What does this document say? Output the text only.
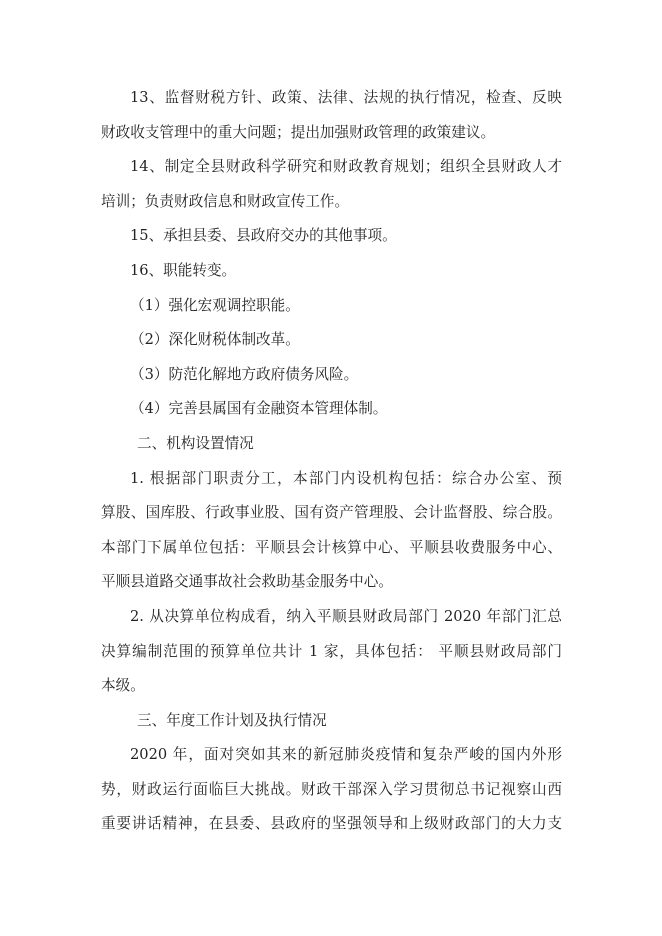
13、监督财税方针、政策、法律、法规的执行情况，检查、反映
财政收支管理中的重大问题；提出加强财政管理的政策建议。
14、制定全县财政科学研究和财政教育规划；组织全县财政人才
培训；负责财政信息和财政宣传工作。
15、承担县委、县政府交办的其他事项。
16、职能转变。
（1）强化宏观调控职能。
（2）深化财税体制改革。
（3）防范化解地方政府债务风险。
（4）完善县属国有金融资本管理体制。
二、机构设置情况
1. 根据部门职责分工，本部门内设机构包括：综合办公室、预
算股、国库股、行政事业股、国有资产管理股、会计监督股、综合股。
本部门下属单位包括：平顺县会计核算中心、平顺县收费服务中心、
平顺县道路交通事故社会救助基金服务中心。
2. 从决算单位构成看，纳入平顺县财政局部门 2020 年部门汇总
决算编制范围的预算单位共计 1 家，具体包括： 平顺县财政局部门
本级。
三、年度工作计划及执行情况
2020 年，面对突如其来的新冠肺炎疫情和复杂严峻的国内外形
势，财政运行面临巨大挑战。财政干部深入学习贯彻总书记视察山西
重要讲话精神，在县委、县政府的坚强领导和上级财政部门的大力支
